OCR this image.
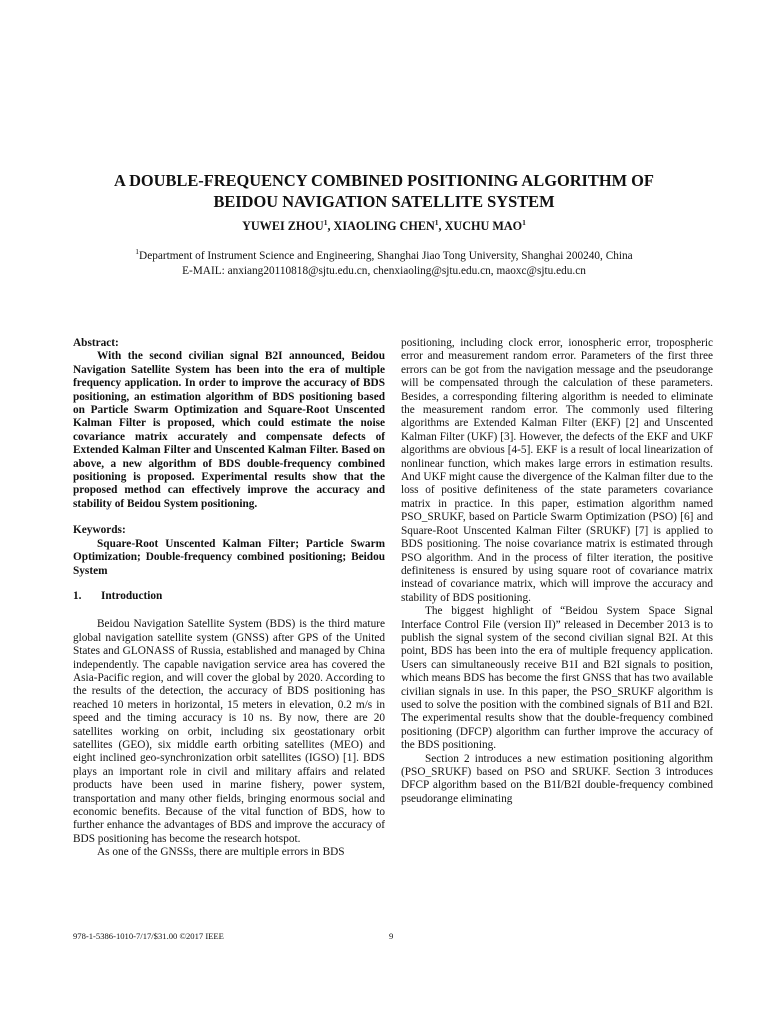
A DOUBLE-FREQUENCY COMBINED POSITIONING ALGORITHM OF
BEIDOU NAVIGATION SATELLITE SYSTEM
YUWEI ZHOU$^1$, XIAOLING CHEN$^1$, XUCHU MAO$^1$
$^1$Department of Instrument Science and Engineering, Shanghai Jiao Tong University, Shanghai 200240, China
E-MAIL: anxiang20110818@sjtu.edu.cn, chenxiaoling@sjtu.edu.cn, maoxc@sjtu.edu.cn

Abstract:

With the second civilian signal B2I announced, Beidou Navigation Satellite System has been into the era of multiple frequency application. In order to improve the accuracy of BDS positioning, an estimation algorithm of BDS positioning based on Particle Swarm Optimization and Square-Root Unscented Kalman Filter is proposed, which could estimate the noise covariance matrix accurately and compensate defects of Extended Kalman Filter and Unscented Kalman Filter. Based on above, a new algorithm of BDS double-frequency combined positioning is proposed. Experimental results show that the proposed method can effectively improve the accuracy and stability of Beidou System positioning.

Keywords:

Square-Root Unscented Kalman Filter; Particle Swarm Optimization; Double-frequency combined positioning; Beidou System

1.	Introduction

Beidou Navigation Satellite System (BDS) is the third mature global navigation satellite system (GNSS) after GPS of the United States and GLONASS of Russia, established and managed by China independently. The capable navigation service area has covered the Asia-Pacific region, and will cover the global by 2020. According to the results of the detection, the accuracy of BDS positioning has reached 10 meters in horizontal, 15 meters in elevation, 0.2 m/s in speed and the timing accuracy is 10 ns. By now, there are 20 satellites working on orbit, including six geostationary orbit satellites (GEO), six middle earth orbiting satellites (MEO) and eight inclined geo-synchronization orbit satellites (IGSO) [1]. BDS plays an important role in civil and military affairs and related products have been used in marine fishery, power system, transportation and many other fields, bringing enormous social and economic benefits. Because of the vital function of BDS, how to further enhance the advantages of BDS and improve the accuracy of BDS positioning has become the research hotspot.

As one of the GNSSs, there are multiple errors in BDS

positioning, including clock error, ionospheric error, tropospheric error and measurement random error. Parameters of the first three errors can be got from the navigation message and the pseudorange will be compensated through the calculation of these parameters. Besides, a corresponding filtering algorithm is needed to eliminate the measurement random error. The commonly used filtering algorithms are Extended Kalman Filter (EKF) [2] and Unscented Kalman Filter (UKF) [3]. However, the defects of the EKF and UKF algorithms are obvious [4-5]. EKF is a result of local linearization of nonlinear function, which makes large errors in estimation results. And UKF might cause the divergence of the Kalman filter due to the loss of positive definiteness of the state parameters covariance matrix in practice. In this paper, estimation algorithm named PSO_SRUKF, based on Particle Swarm Optimization (PSO) [6] and Square-Root Unscented Kalman Filter (SRUKF) [7] is applied to BDS positioning. The noise covariance matrix is estimated through PSO algorithm. And in the process of filter iteration, the positive definiteness is ensured by using square root of covariance matrix instead of covariance matrix, which will improve the accuracy and stability of BDS positioning.

The biggest highlight of “Beidou System Space Signal Interface Control File (version II)” released in December 2013 is to publish the signal system of the second civilian signal B2I. At this point, BDS has been into the era of multiple frequency application. Users can simultaneously receive B1I and B2I signals to position, which means BDS has become the first GNSS that has two available civilian signals in use. In this paper, the PSO_SRUKF algorithm is used to solve the position with the combined signals of B1I and B2I. The experimental results show that the double-frequency combined positioning (DFCP) algorithm can further improve the accuracy of the BDS positioning.

Section 2 introduces a new estimation positioning algorithm (PSO_SRUKF) based on PSO and SRUKF. Section 3 introduces DFCP algorithm based on the B1I/B2I double-frequency combined pseudorange eliminating

978-1-5386-1010-7/17/$31.00 ©2017 IEEE	9
